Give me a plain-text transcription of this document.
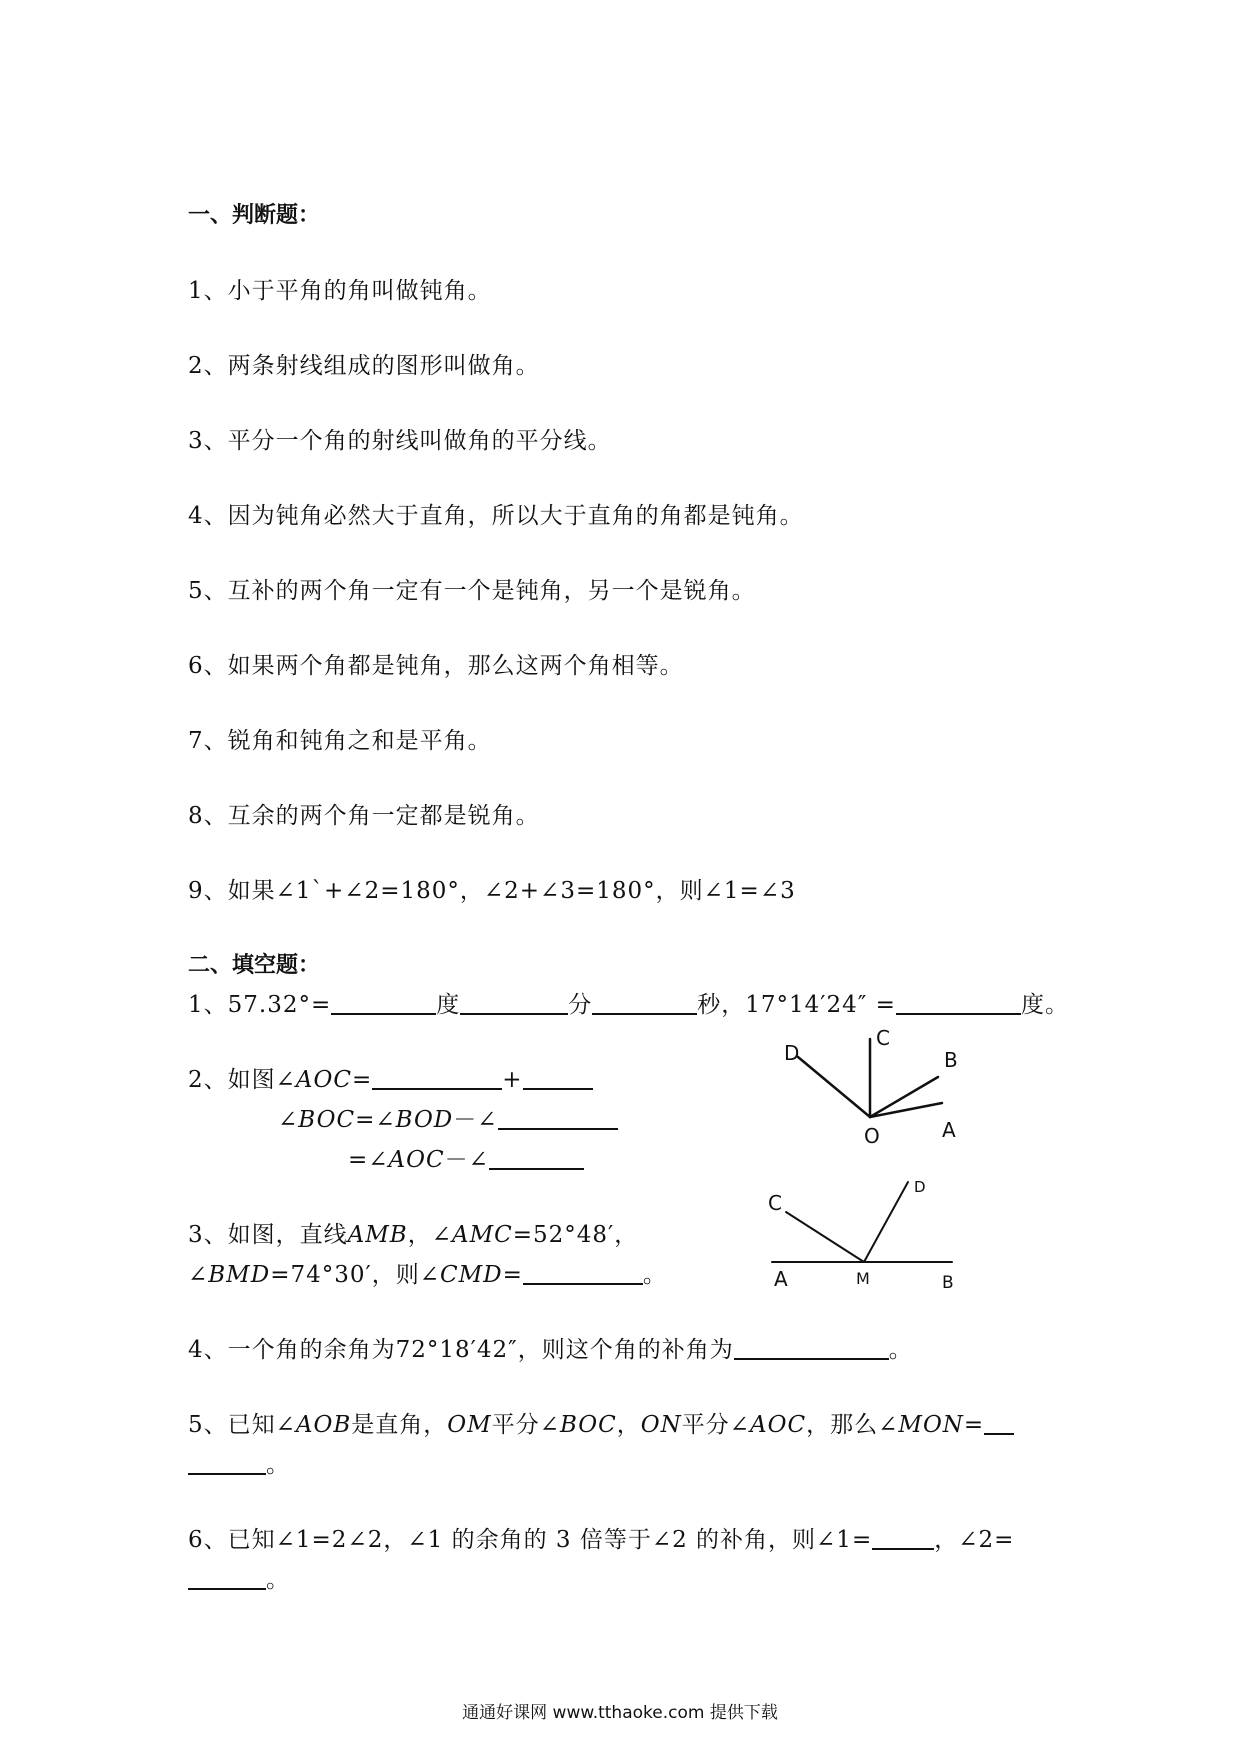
一、判断题：
1、小于平角的角叫做钝角。
2、两条射线组成的图形叫做角。
3、平分一个角的射线叫做角的平分线。
4、因为钝角必然大于直角，所以大于直角的角都是钝角。
5、互补的两个角一定有一个是钝角，另一个是锐角。
6、如果两个角都是钝角，那么这两个角相等。
7、锐角和钝角之和是平角。
8、互余的两个角一定都是锐角。
9、如果∠1`+∠2=180°，∠2+∠3=180°，则∠1=∠3
二、填空题：
1、57.32°=	度	分	秒，17°14′24″ =	度。
2、如图∠AOC=	+
∠BOC=∠BOD－∠
=∠AOC－∠
3、如图，直线AMB，∠AMC=52°48′，
∠BMD=74°30′，则∠CMD=	。
4、一个角的余角为72°18′42″，则这个角的补角为	。
5、已知∠AOB是直角，OM平分∠BOC，ON平分∠AOC，那么∠MON=
。
6、已知∠1=2∠2，∠1 的余角的 3 倍等于∠2 的补角，则∠1=	，∠2=
。
D
C
B
O	A
C
D
A	M	B
通通好课网 www.tthaoke.com 提供下载
